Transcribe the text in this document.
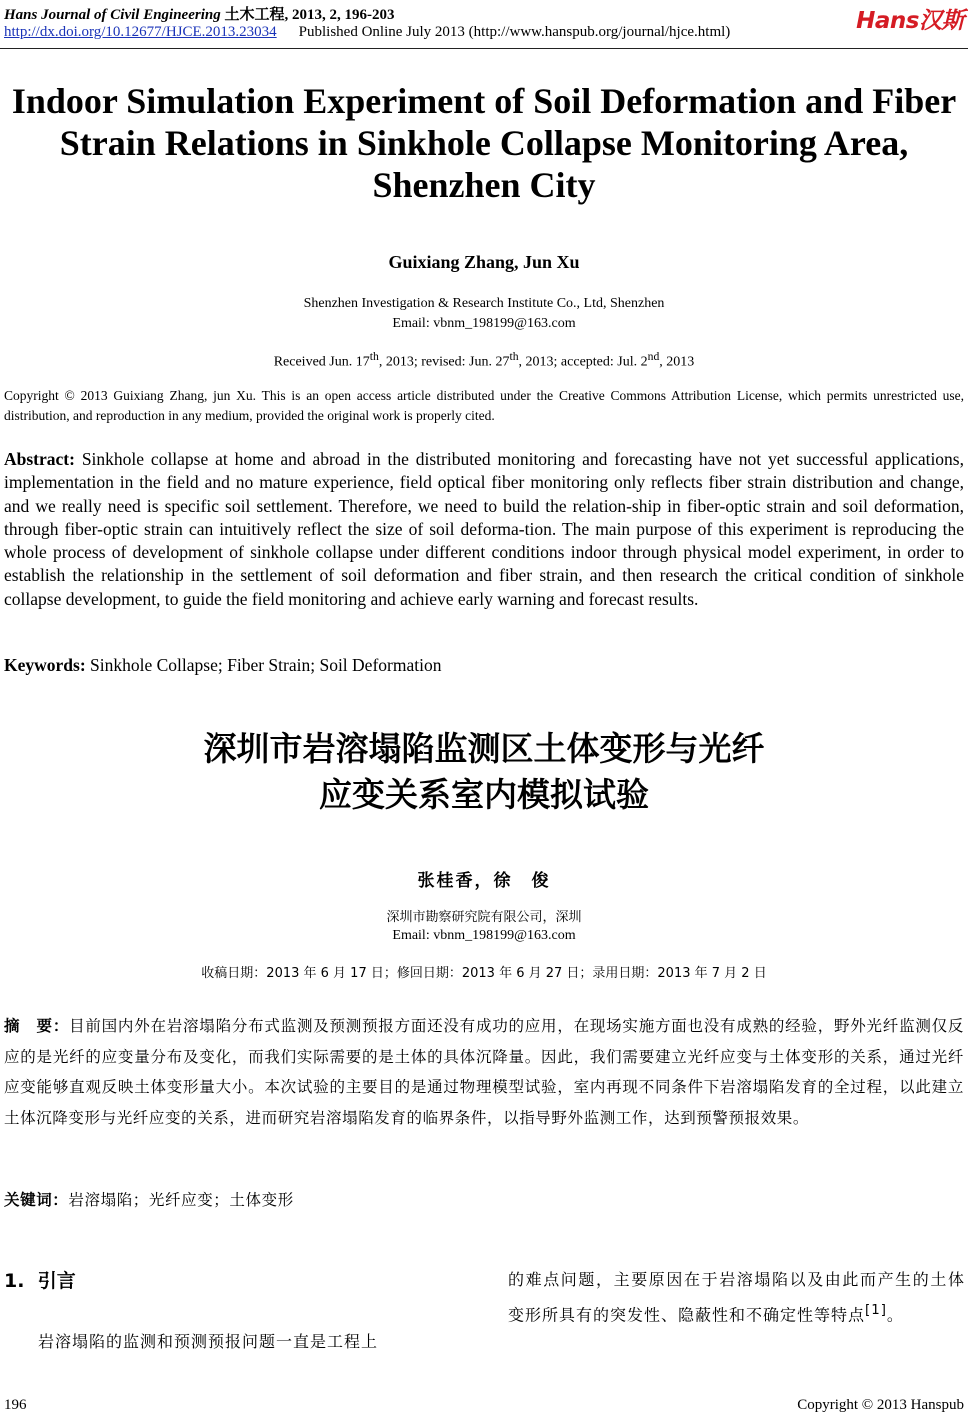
Hans Journal of Civil Engineering 土木工程, 2013, 2, 196-203
http://dx.doi.org/10.12677/HJCE.2013.23034 Published Online July 2013 (http://www.hanspub.org/journal/hjce.html)	Hans汉斯
Indoor Simulation Experiment of Soil Deformation and Fiber
Strain Relations in Sinkhole Collapse Monitoring Area,
Shenzhen City
Guixiang Zhang, Jun Xu
Shenzhen Investigation & Research Institute Co., Ltd, Shenzhen
Email: vbnm_198199@163.com
Received Jun. 17th, 2013; revised: Jun. 27th, 2013; accepted: Jul. 2nd, 2013
Copyright © 2013 Guixiang Zhang, jun Xu. This is an open access article distributed under the Creative Commons Attribution License, which permits unrestricted use, distribution, and reproduction in any medium, provided the original work is properly cited.
Abstract: Sinkhole collapse at home and abroad in the distributed monitoring and forecasting have not yet successful applications, implementation in the field and no mature experience, field optical fiber monitoring only reflects fiber strain distribution and change, and we really need is specific soil settlement. Therefore, we need to build the relation-ship in fiber-optic strain and soil deformation, through fiber-optic strain can intuitively reflect the size of soil deforma-tion. The main purpose of this experiment is reproducing the whole process of development of sinkhole collapse under different conditions indoor through physical model experiment, in order to establish the relationship in the settlement of soil deformation and fiber strain, and then research the critical condition of sinkhole collapse development, to guide the field monitoring and achieve early warning and forecast results.
Keywords: Sinkhole Collapse; Fiber Strain; Soil Deformation
深圳市岩溶塌陷监测区土体变形与光纤
应变关系室内模拟试验
张桂香，徐　俊
深圳市勘察研究院有限公司，深圳
Email: vbnm_198199@163.com
收稿日期：2013 年 6 月 17 日；修回日期：2013 年 6 月 27 日；录用日期：2013 年 7 月 2 日
摘　要：目前国内外在岩溶塌陷分布式监测及预测预报方面还没有成功的应用，在现场实施方面也没有成熟的经验，野外光纤监测仅反应的是光纤的应变量分布及变化，而我们实际需要的是土体的具体沉降量。因此，我们需要建立光纤应变与土体变形的关系，通过光纤应变能够直观反映土体变形量大小。本次试验的主要目的是通过物理模型试验，室内再现不同条件下岩溶塌陷发育的全过程，以此建立土体沉降变形与光纤应变的关系，进而研究岩溶塌陷发育的临界条件，以指导野外监测工作，达到预警预报效果。
关键词：岩溶塌陷；光纤应变；土体变形
1. 引言
岩溶塌陷的监测和预测预报问题一直是工程上
的难点问题，主要原因在于岩溶塌陷以及由此而产生的土体变形所具有的突发性、隐蔽性和不确定性等特点[1]。
196	Copyright © 2013 Hanspub
